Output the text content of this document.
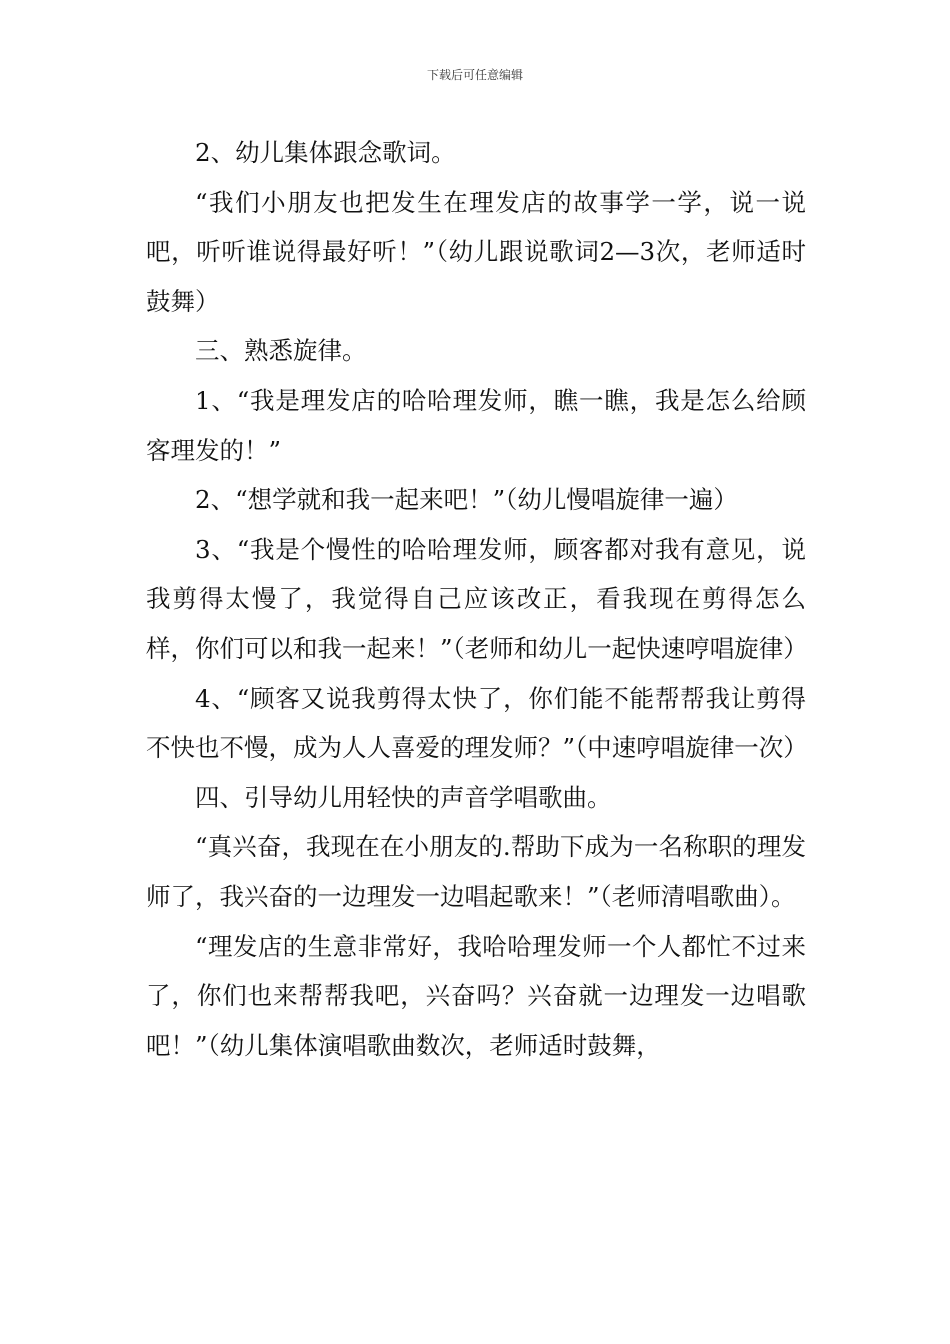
下载后可任意编辑

2、幼儿集体跟念歌词。

“我们小朋友也把发生在理发店的故事学一学，说一说吧，听听谁说得最好听！”（幼儿跟说歌词2—3次，老师适时鼓舞）

三、熟悉旋律。

1、“我是理发店的哈哈理发师，瞧一瞧，我是怎么给顾客理发的！”

2、“想学就和我一起来吧！”（幼儿慢唱旋律一遍）

3、“我是个慢性的哈哈理发师，顾客都对我有意见，说我剪得太慢了，我觉得自己应该改正，看我现在剪得怎么样，你们可以和我一起来！”（老师和幼儿一起快速哼唱旋律）

4、“顾客又说我剪得太快了，你们能不能帮帮我让剪得不快也不慢，成为人人喜爱的理发师？”（中速哼唱旋律一次）

四、引导幼儿用轻快的声音学唱歌曲。

“真兴奋，我现在在小朋友的.帮助下成为一名称职的理发师了，我兴奋的一边理发一边唱起歌来！”（老师清唱歌曲）。

“理发店的生意非常好，我哈哈理发师一个人都忙不过来了，你们也来帮帮我吧，兴奋吗？兴奋就一边理发一边唱歌吧！”（幼儿集体演唱歌曲数次，老师适时鼓舞，
